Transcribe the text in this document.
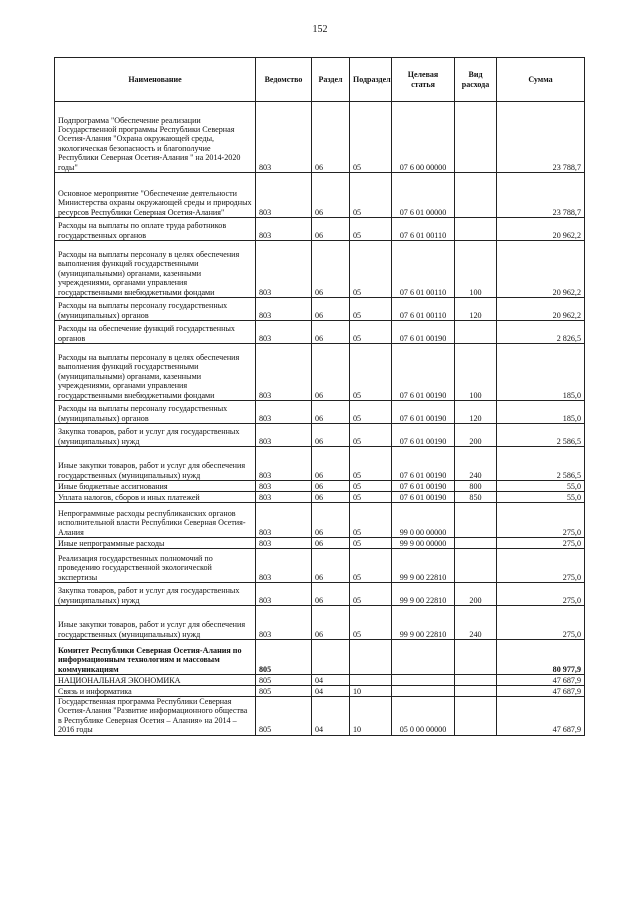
152
Наименование	Ведомство	Раздел	Подраздел	Целевая статья	Вид расхода	Сумма
Подпрограмма "Обеспечение реализации Государственной программы Республики Северная Осетия-Алания "Охрана окружающей среды, экологическая безопасность и благополучие Республики Северная Осетия-Алания " на 2014-2020 годы"	803	06	05	07 6 00 00000		23 788,7
Основное мероприятие "Обеспечение деятельности Министерства охраны окружающей среды и природных ресурсов Республики Северная Осетия-Алания"	803	06	05	07 6 01 00000		23 788,7
Расходы на выплаты по оплате труда работников государственных органов	803	06	05	07 6 01 00110		20 962,2
Расходы на выплаты персоналу в целях обеспечения выполнения функций государственными (муниципальными) органами, казенными учреждениями, органами управления государственными внебюджетными фондами	803	06	05	07 6 01 00110	100	20 962,2
Расходы на выплаты персоналу государственных (муниципальных) органов	803	06	05	07 6 01 00110	120	20 962,2
Расходы на обеспечение функций государственных органов	803	06	05	07 6 01 00190		2 826,5
Расходы на выплаты персоналу в целях обеспечения выполнения функций государственными (муниципальными) органами, казенными учреждениями, органами управления государственными внебюджетными фондами	803	06	05	07 6 01 00190	100	185,0
Расходы на выплаты персоналу государственных (муниципальных) органов	803	06	05	07 6 01 00190	120	185,0
Закупка товаров, работ и услуг для государственных (муниципальных) нужд	803	06	05	07 6 01 00190	200	2 586,5
Иные закупки товаров, работ и услуг для обеспечения государственных (муниципальных) нужд	803	06	05	07 6 01 00190	240	2 586,5
Иные бюджетные ассигнования	803	06	05	07 6 01 00190	800	55,0
Уплата налогов, сборов и иных платежей	803	06	05	07 6 01 00190	850	55,0
Непрограммные расходы республиканских органов исполнительной власти Республики Северная Осетия-Алания	803	06	05	99 0 00 00000		275,0
Иные непрограммные расходы	803	06	05	99 9 00 00000		275,0
Реализация государственных полномочий по проведению государственной экологической экспертизы	803	06	05	99 9 00 22810		275,0
Закупка товаров, работ и услуг для государственных (муниципальных) нужд	803	06	05	99 9 00 22810	200	275,0
Иные закупки товаров, работ и услуг для обеспечения государственных (муниципальных) нужд	803	06	05	99 9 00 22810	240	275,0
Комитет Республики Северная Осетия-Алания по информационным технологиям и массовым коммуникациям	805					80 977,9
НАЦИОНАЛЬНАЯ ЭКОНОМИКА	805	04				47 687,9
Связь и информатика	805	04	10			47 687,9
Государственная программа Республики Северная Осетия-Алания "Развитие информационного общества в Республике Северная Осетия – Алания» на 2014 – 2016 годы	805	04	10	05 0 00 00000		47 687,9
